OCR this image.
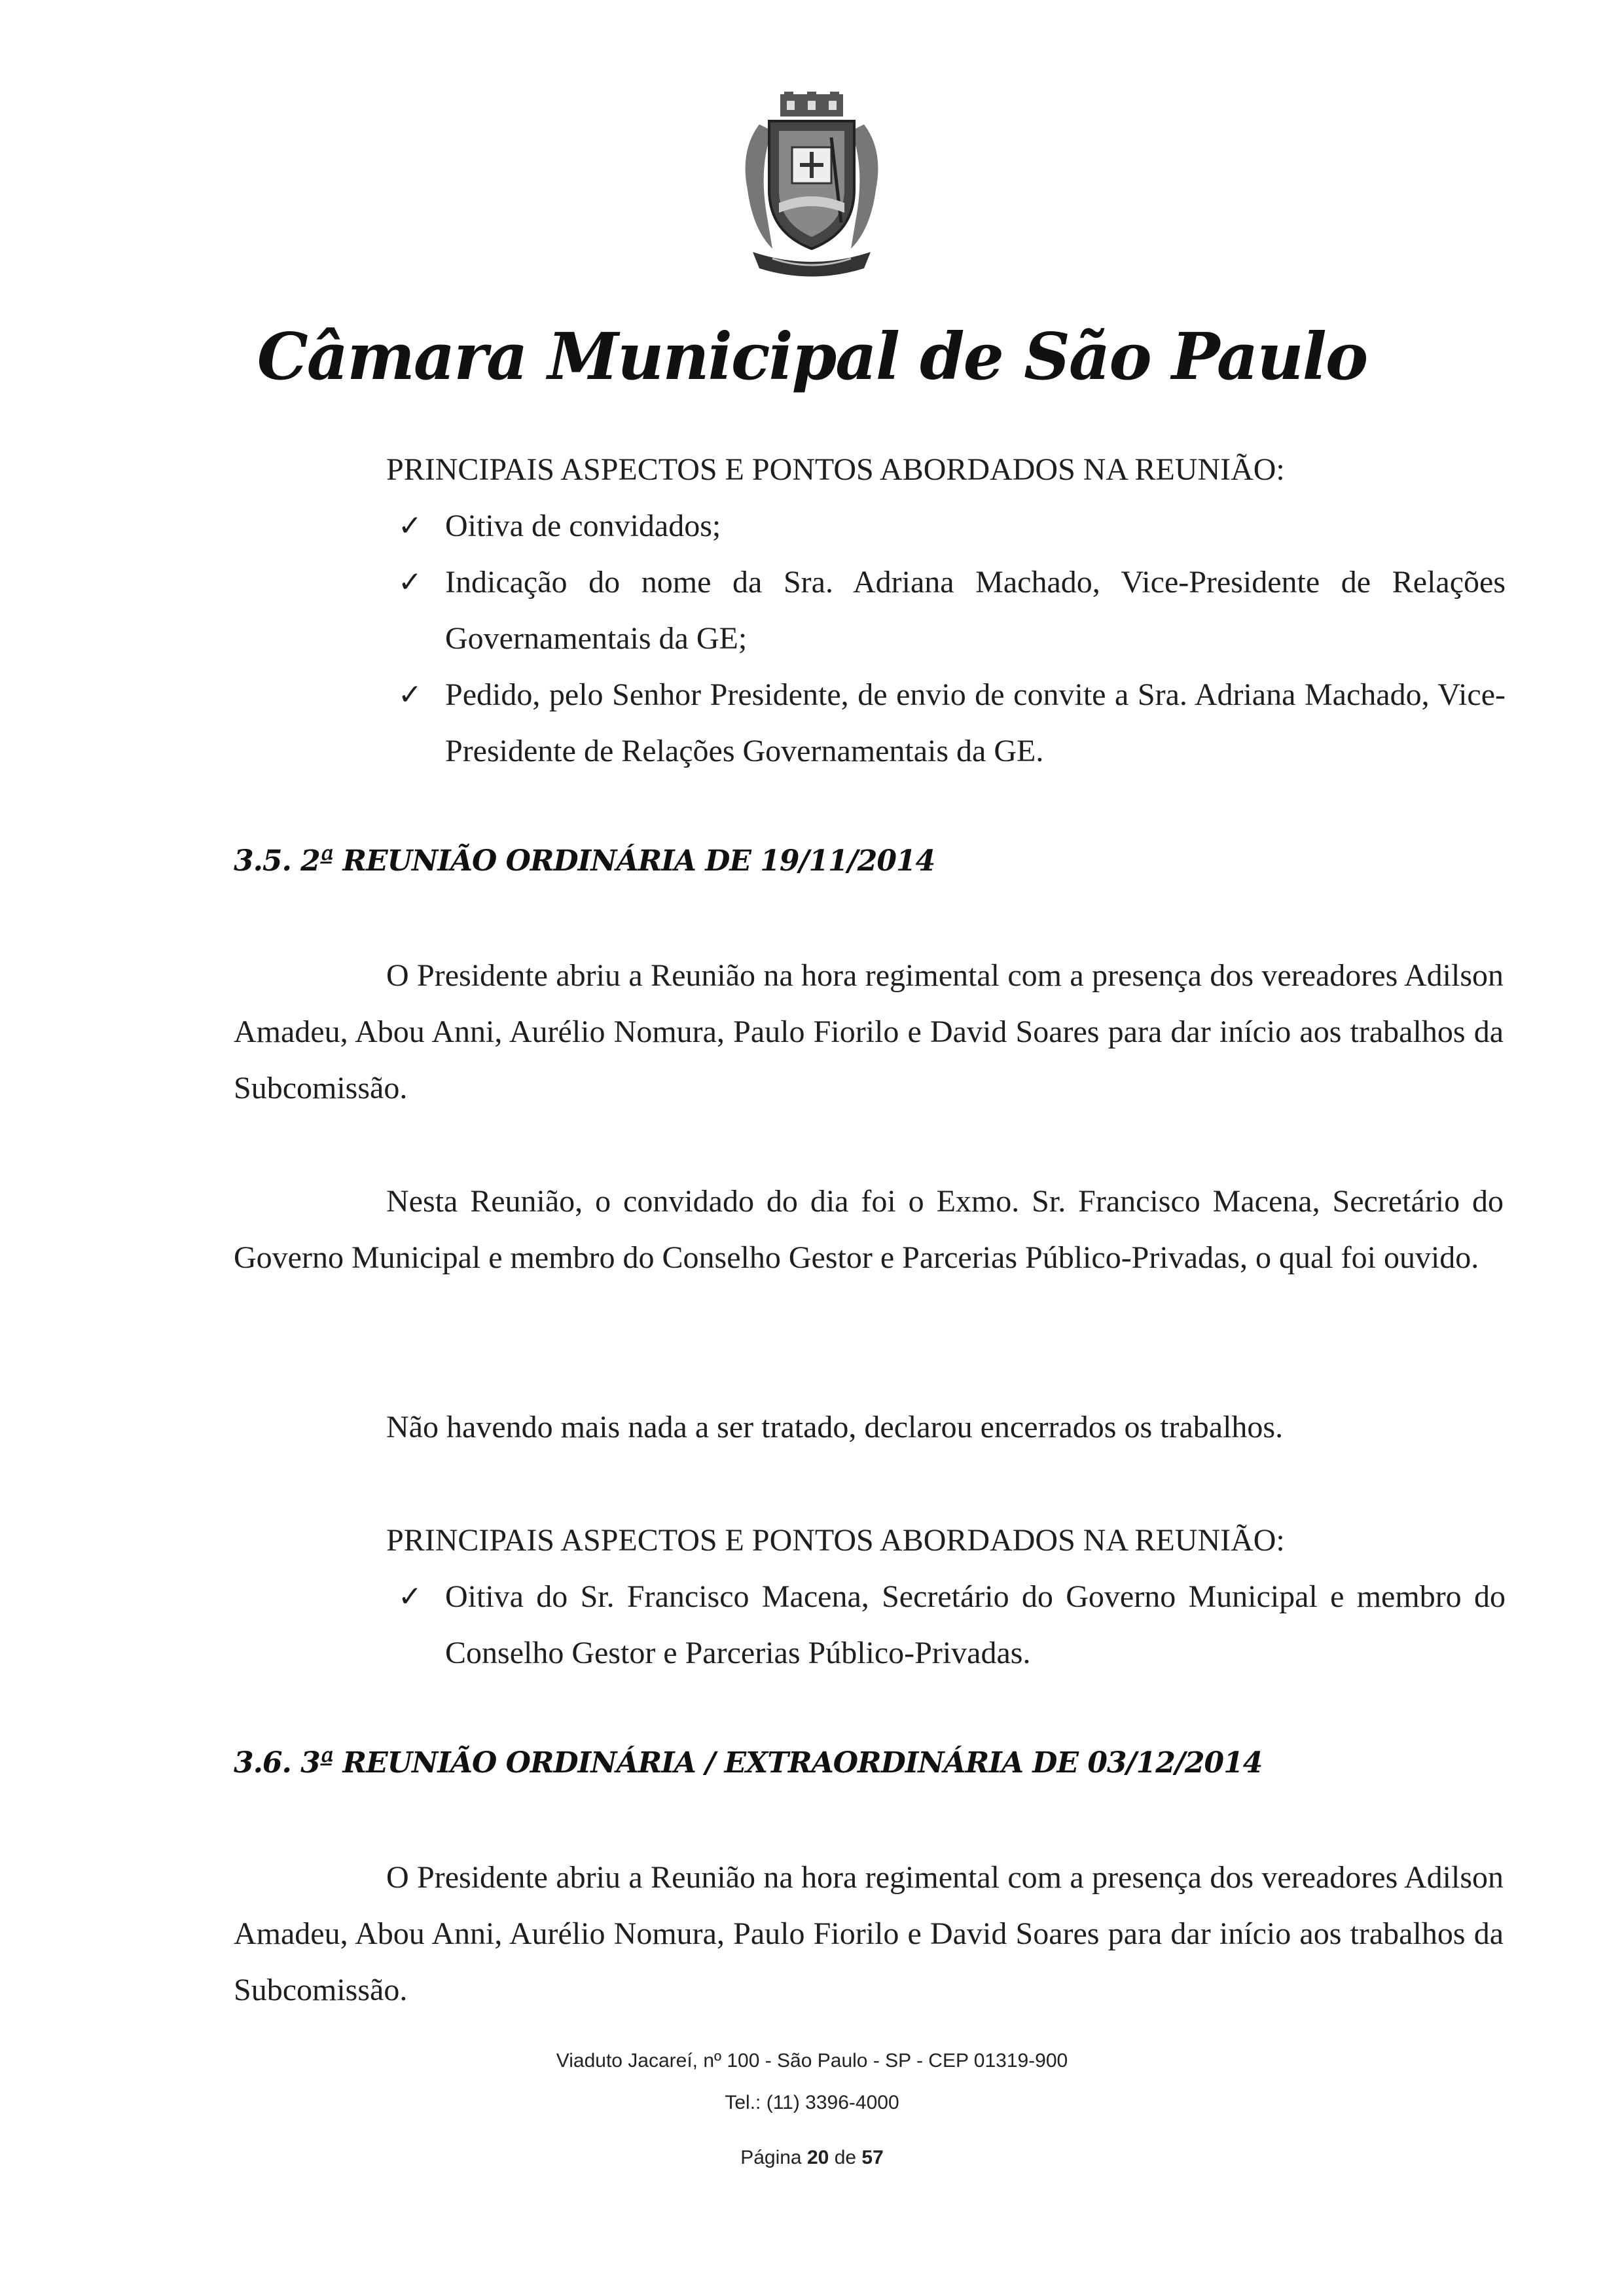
Câmara Municipal de São Paulo

PRINCIPAIS ASPECTOS E PONTOS ABORDADOS NA REUNIÃO:

✓ Oitiva de convidados;
✓ Indicação do nome da Sra. Adriana Machado, Vice-Presidente de Relações Governamentais da GE;
✓ Pedido, pelo Senhor Presidente, de envio de convite a Sra. Adriana Machado, Vice-Presidente de Relações Governamentais da GE.
3.5. 2ª REUNIÃO ORDINÁRIA DE 19/11/2014

O Presidente abriu a Reunião na hora regimental com a presença dos vereadores Adilson Amadeu, Abou Anni, Aurélio Nomura, Paulo Fiorilo e David Soares para dar início aos trabalhos da Subcomissão.

Nesta Reunião, o convidado do dia foi o Exmo. Sr. Francisco Macena, Secretário do Governo Municipal e membro do Conselho Gestor e Parcerias Público-Privadas, o qual foi ouvido.

Não havendo mais nada a ser tratado, declarou encerrados os trabalhos.

PRINCIPAIS ASPECTOS E PONTOS ABORDADOS NA REUNIÃO:

✓ Oitiva do Sr. Francisco Macena, Secretário do Governo Municipal e membro do Conselho Gestor e Parcerias Público-Privadas.
3.6. 3ª REUNIÃO ORDINÁRIA / EXTRAORDINÁRIA DE 03/12/2014

O Presidente abriu a Reunião na hora regimental com a presença dos vereadores Adilson Amadeu, Abou Anni, Aurélio Nomura, Paulo Fiorilo e David Soares para dar início aos trabalhos da Subcomissão.

Viaduto Jacareí, nº 100 - São Paulo - SP - CEP 01319-900
Tel.: (11) 3396-4000
Página 20 de 57
